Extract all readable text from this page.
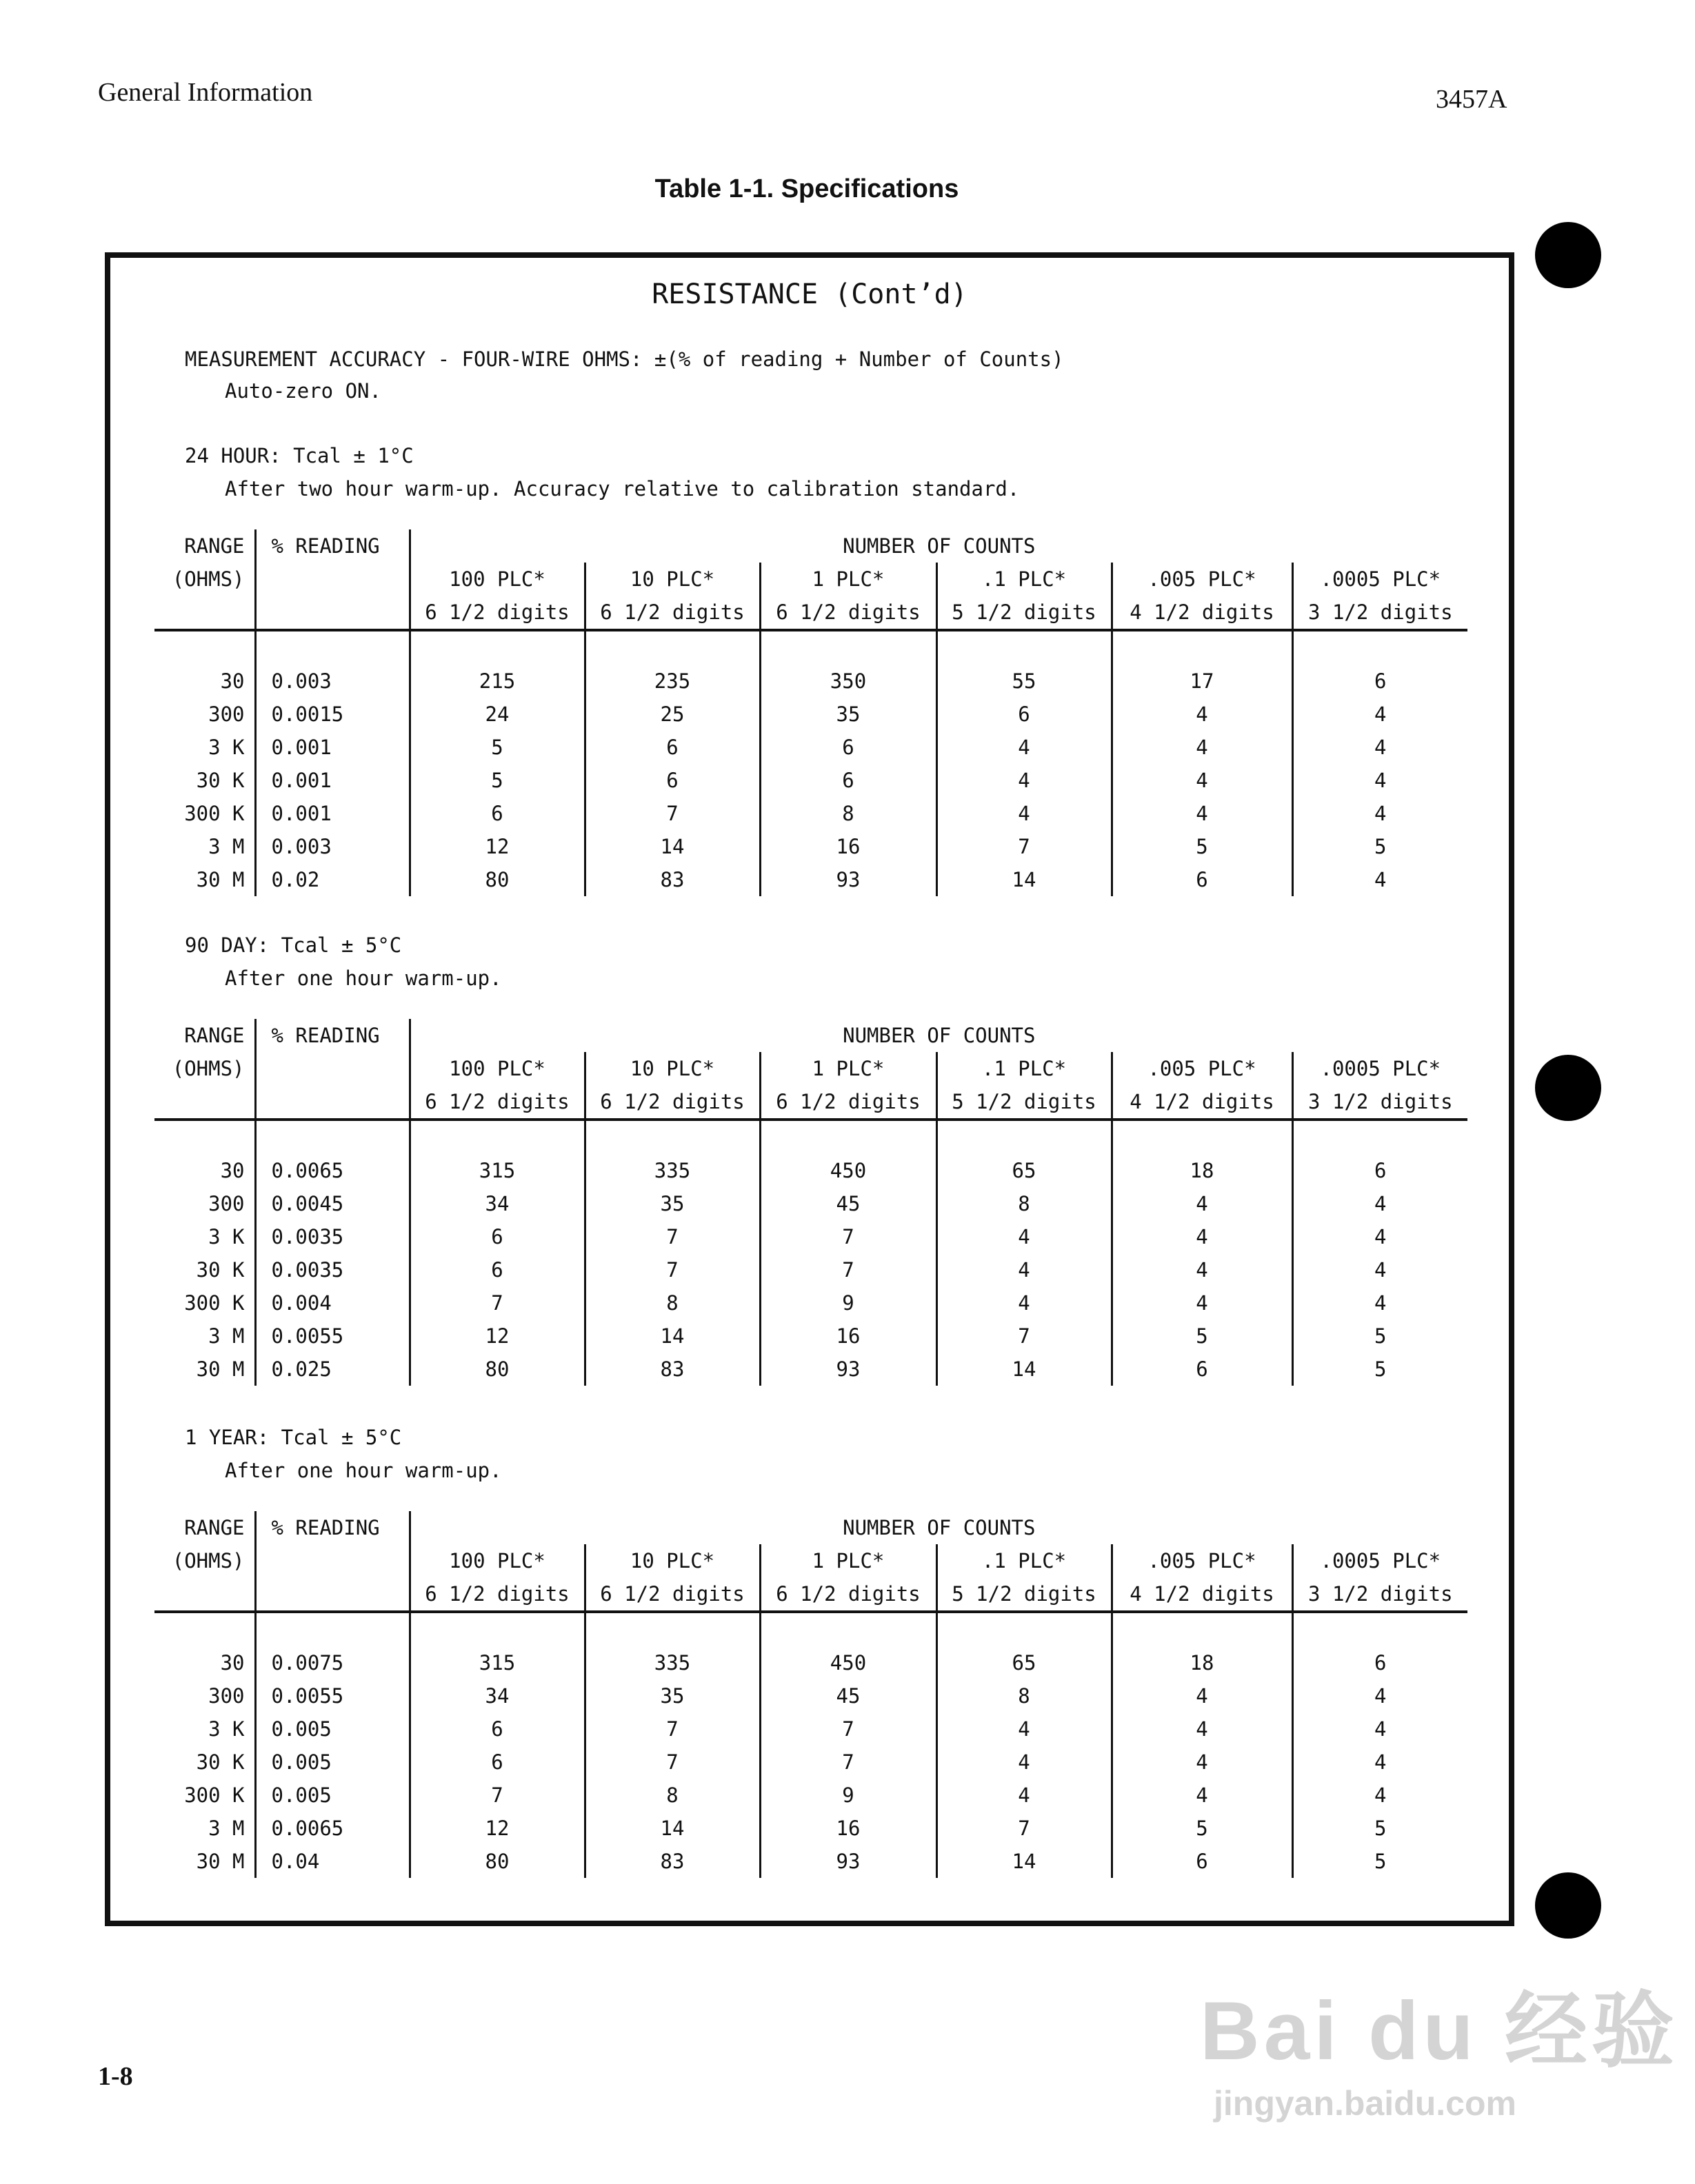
General Information	3457A
Table 1-1. Specifications
RESISTANCE (Cont’d)
MEASUREMENT ACCURACY - FOUR-WIRE OHMS: ±(% of reading + Number of Counts)
Auto-zero ON.
24 HOUR: Tcal ± 1°C
After two hour warm-up. Accuracy relative to calibration standard.
RANGE	% READING	NUMBER OF COUNTS					
(OHMS)		100 PLC*	10 PLC*	1 PLC*	.1 PLC*	.005 PLC*	.0005 PLC*
		6 1/2 digits	6 1/2 digits	6 1/2 digits	5 1/2 digits	4 1/2 digits	3 1/2 digits

30	0.003	215	235	350	55	17	6
300	0.0015	24	25	35	6	4	4
3 K	0.001	5	6	6	4	4	4
30 K	0.001	5	6	6	4	4	4
300 K	0.001	6	7	8	4	4	4
3 M	0.003	12	14	16	7	5	5
30 M	0.02	80	83	93	14	6	4
90 DAY: Tcal ± 5°C
After one hour warm-up.
RANGE	% READING	NUMBER OF COUNTS					
(OHMS)		100 PLC*	10 PLC*	1 PLC*	.1 PLC*	.005 PLC*	.0005 PLC*
		6 1/2 digits	6 1/2 digits	6 1/2 digits	5 1/2 digits	4 1/2 digits	3 1/2 digits

30	0.0065	315	335	450	65	18	6
300	0.0045	34	35	45	8	4	4
3 K	0.0035	6	7	7	4	4	4
30 K	0.0035	6	7	7	4	4	4
300 K	0.004	7	8	9	4	4	4
3 M	0.0055	12	14	16	7	5	5
30 M	0.025	80	83	93	14	6	5
1 YEAR: Tcal ± 5°C
After one hour warm-up.
RANGE	% READING	NUMBER OF COUNTS					
(OHMS)		100 PLC*	10 PLC*	1 PLC*	.1 PLC*	.005 PLC*	.0005 PLC*
		6 1/2 digits	6 1/2 digits	6 1/2 digits	5 1/2 digits	4 1/2 digits	3 1/2 digits

30	0.0075	315	335	450	65	18	6
300	0.0055	34	35	45	8	4	4
3 K	0.005	6	7	7	4	4	4
30 K	0.005	6	7	7	4	4	4
300 K	0.005	7	8	9	4	4	4
3 M	0.0065	12	14	16	7	5	5
30 M	0.04	80	83	93	14	6	5
1-8	Bai du 经验
jingyan.baidu.com
